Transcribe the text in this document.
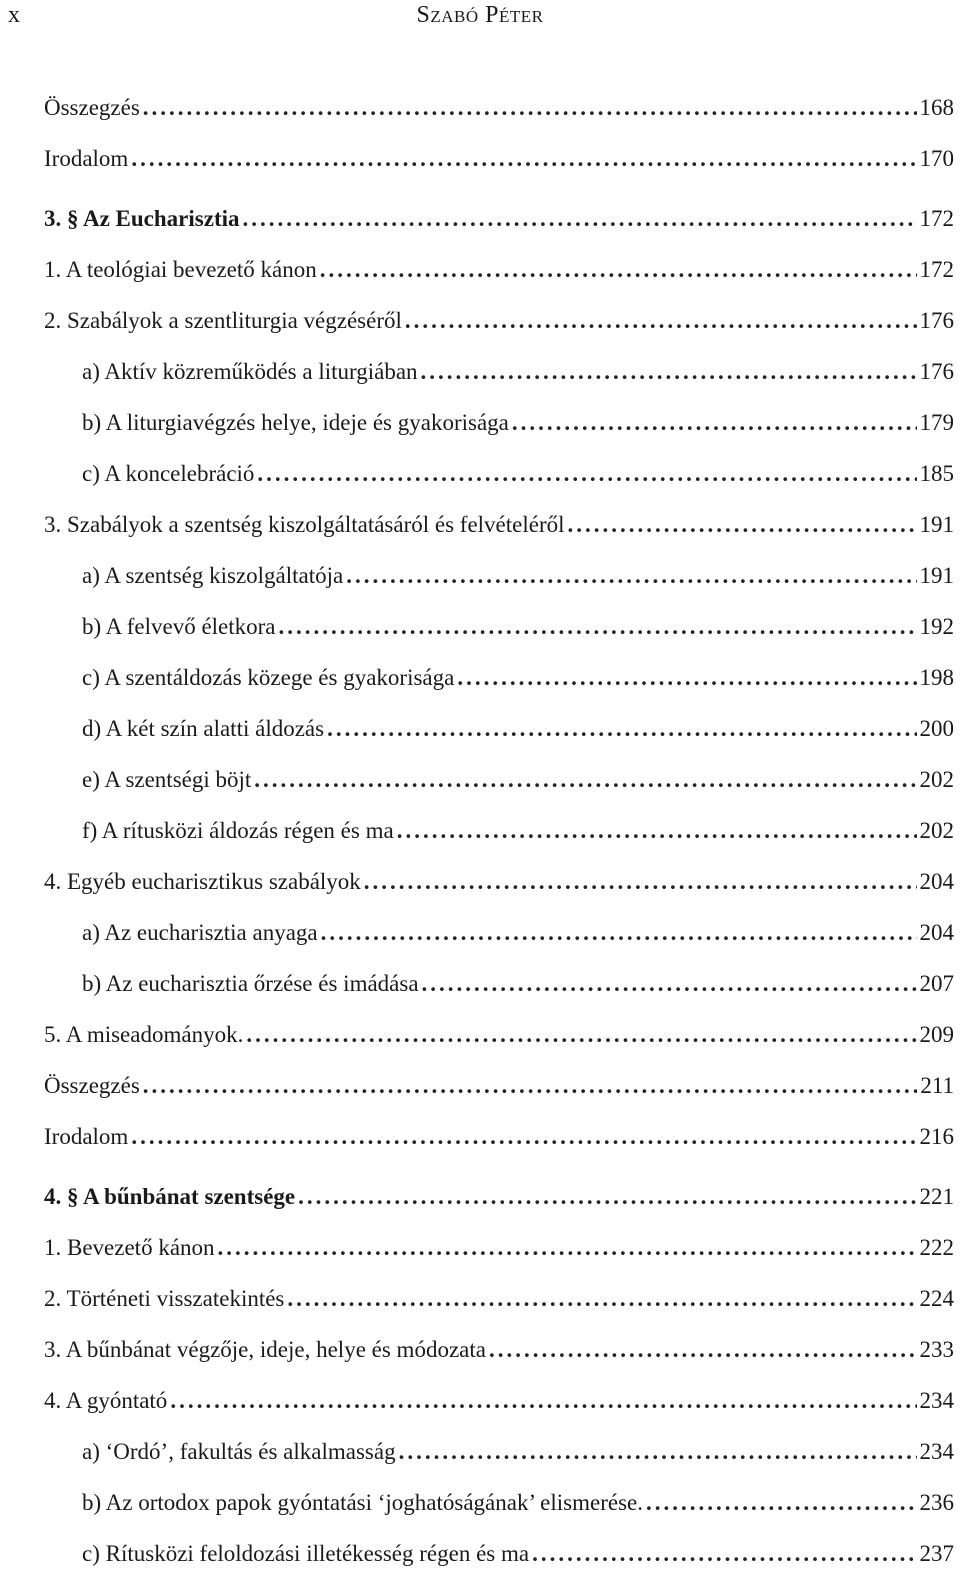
x	Szabó Péter
Összegzés .....	168
Irodalom .....	170
3. § Az Eucharisztia .....	172
1. A teológiai bevezető kánon .....	172
2. Szabályok a szentliturgia végzéséről .....	176
a) Aktív közreműködés a liturgiában .....	176
b) A liturgiavégzés helye, ideje és gyakorisága .....	179
c) A koncelebráció .....	185
3. Szabályok a szentség kiszolgáltatásáról és felvételéről .....	191
a) A szentség kiszolgáltatója .....	191
b) A felvevő életkora .....	192
c) A szentáldozás közege és gyakorisága .....	198
d) A két szín alatti áldozás .....	200
e) A szentségi böjt .....	202
f) A rítusközi áldozás régen és ma .....	202
4. Egyéb eucharisztikus szabályok .....	204
a) Az eucharisztia anyaga .....	204
b) Az eucharisztia őrzése és imádása .....	207
5. A miseadományok. .....	209
Összegzés .....	211
Irodalom .....	216
4. § A bűnbánat szentsége .....	221
1. Bevezető kánon .....	222
2. Történeti visszatekintés .....	224
3. A bűnbánat végzője, ideje, helye és módozata .....	233
4. A gyóntató .....	234
a) ‘Ordó’, fakultás és alkalmasság .....	234
b) Az ortodox papok gyóntatási ‘joghatóságának’ elismerése. .....	236
c) Rítusközi feloldozási illetékesség régen és ma .....	237
